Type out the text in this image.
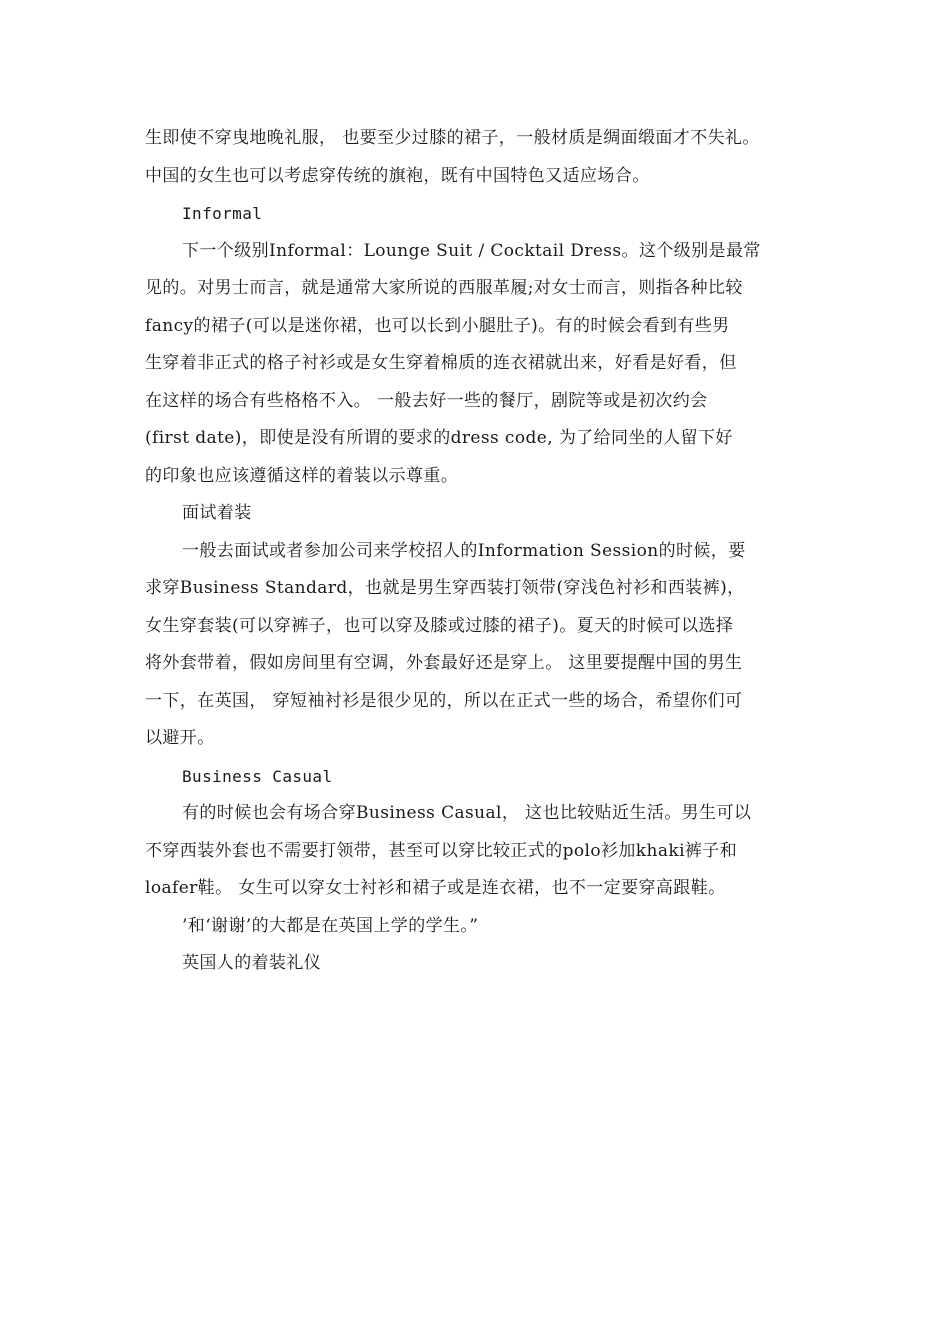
生即使不穿曳地晚礼服， 也要至少过膝的裙子，一般材质是绸面缎面才不失礼。
中国的女生也可以考虑穿传统的旗袍，既有中国特色又适应场合。
Informal
下一个级别Informal：Lounge Suit / Cocktail Dress。这个级别是最常
见的。对男士而言，就是通常大家所说的西服革履;对女士而言，则指各种比较
fancy的裙子(可以是迷你裙，也可以长到小腿肚子)。有的时候会看到有些男
生穿着非正式的格子衬衫或是女生穿着棉质的连衣裙就出来，好看是好看，但
在这样的场合有些格格不入。 一般去好一些的餐厅，剧院等或是初次约会
(first date)，即使是没有所谓的要求的dress code, 为了给同坐的人留下好
的印象也应该遵循这样的着装以示尊重。
面试着装
一般去面试或者参加公司来学校招人的Information Session的时候，要
求穿Business Standard，也就是男生穿西装打领带(穿浅色衬衫和西装裤)，
女生穿套装(可以穿裤子，也可以穿及膝或过膝的裙子)。夏天的时候可以选择
将外套带着，假如房间里有空调，外套最好还是穿上。 这里要提醒中国的男生
一下，在英国， 穿短袖衬衫是很少见的，所以在正式一些的场合，希望你们可
以避开。
Business Casual
有的时候也会有场合穿Business Casual， 这也比较贴近生活。男生可以
不穿西装外套也不需要打领带，甚至可以穿比较正式的polo衫加khaki裤子和
loafer鞋。 女生可以穿女士衬衫和裙子或是连衣裙，也不一定要穿高跟鞋。
’和‘谢谢’的大都是在英国上学的学生。”
英国人的着装礼仪
